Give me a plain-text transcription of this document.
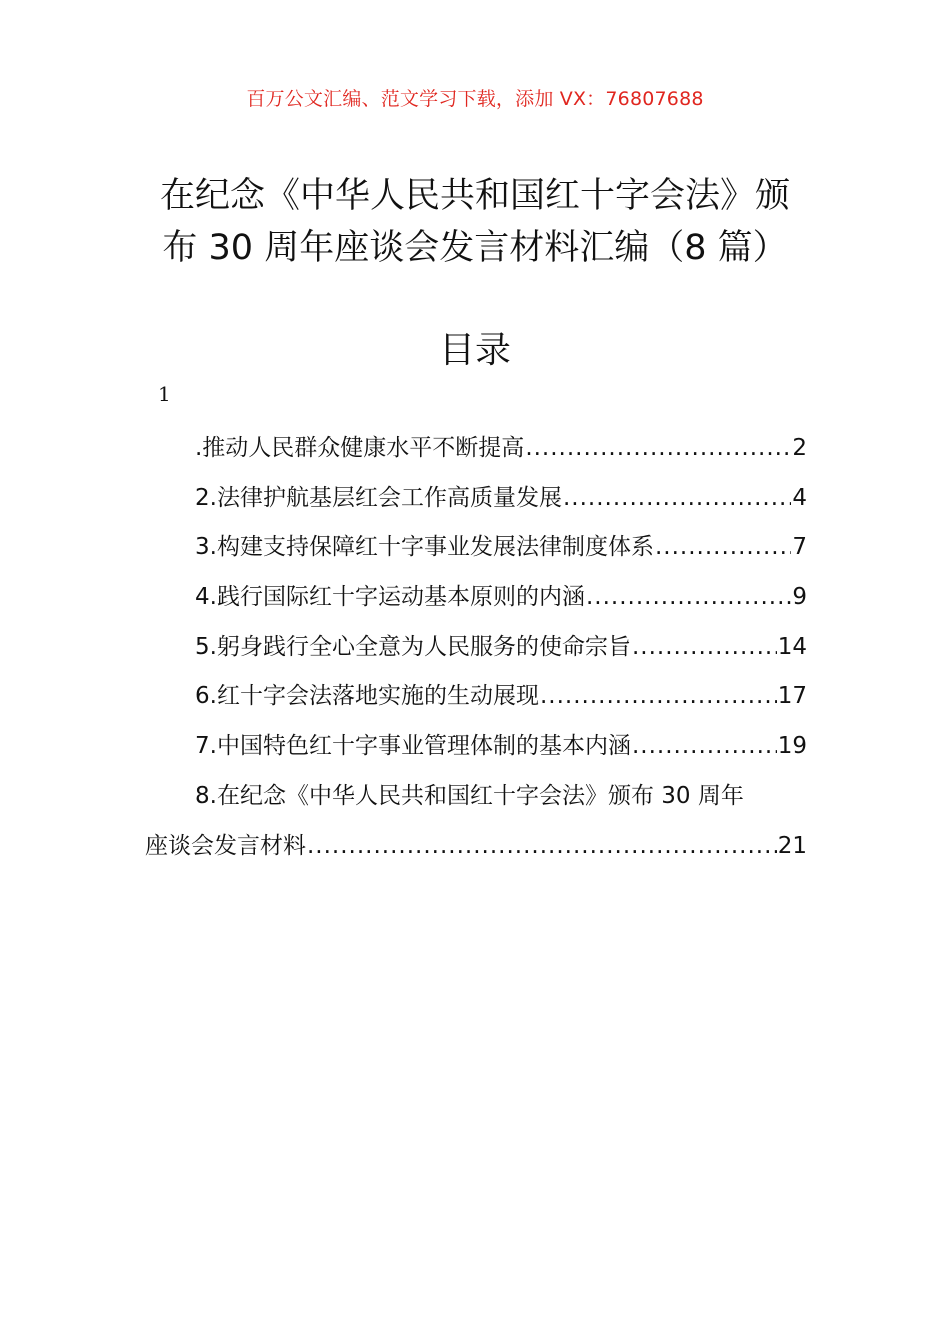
百万公文汇编、范文学习下载，添加 VX：76807688
在纪念《中华人民共和国红十字会法》颁
布 30 周年座谈会发言材料汇编（8 篇）
目录
1
.推动人民群众健康水平不断提高 .....	2
2.法律护航基层红会工作高质量发展 .....	4
3.构建支持保障红十字事业发展法律制度体系 .....	7
4.践行国际红十字运动基本原则的内涵 .....	9
5.躬身践行全心全意为人民服务的使命宗旨 .....	14
6.红十字会法落地实施的生动展现 .....	17
7.中国特色红十字事业管理体制的基本内涵 .....	19
8.在纪念《中华人民共和国红十字会法》颁布 30 周年
座谈会发言材料 .....	21
